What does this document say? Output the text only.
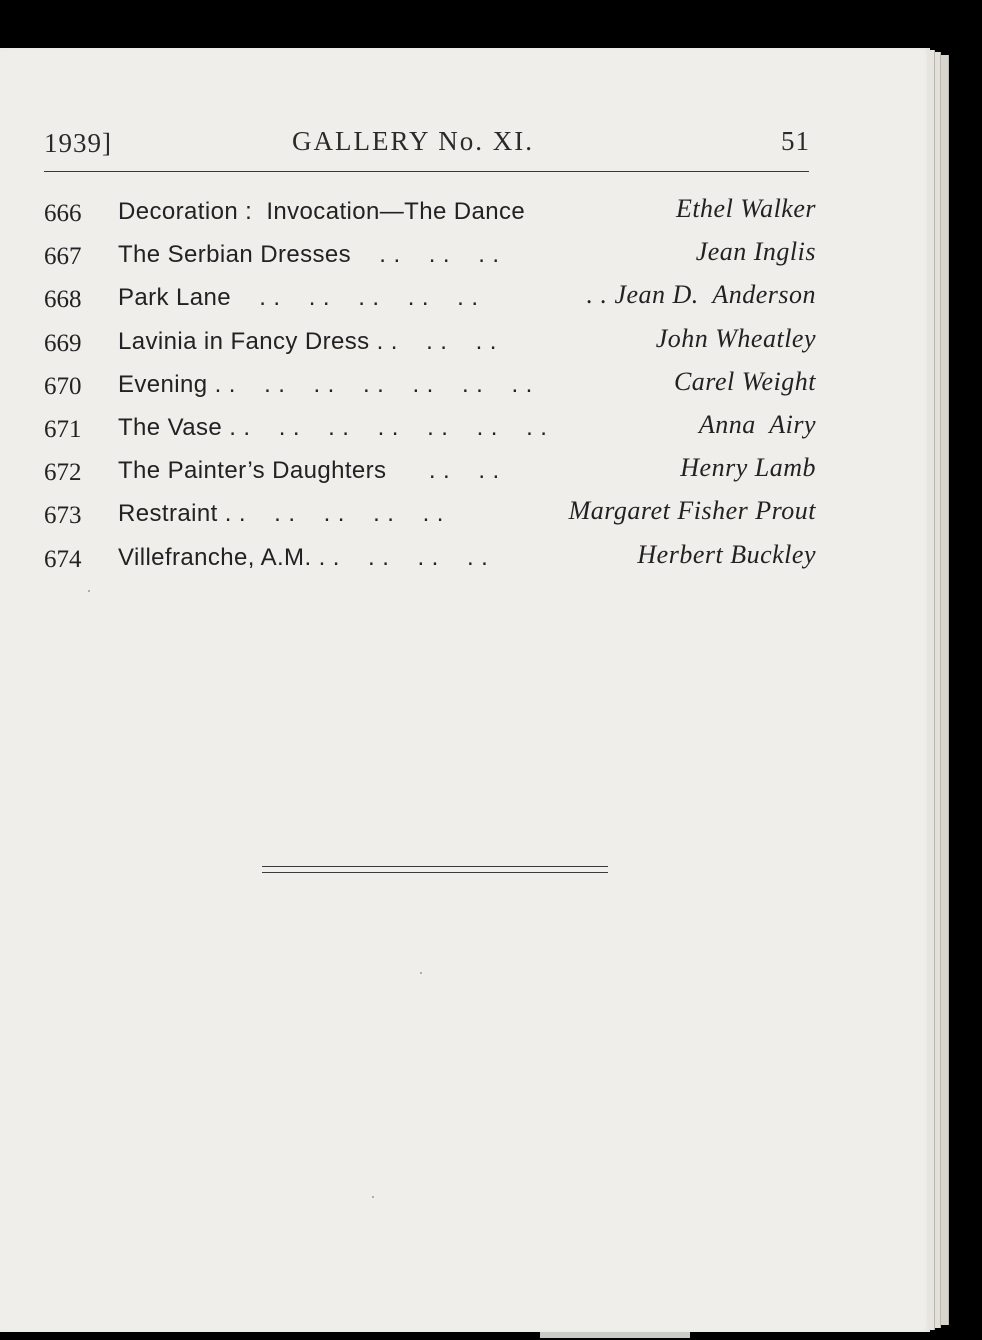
1939]	GALLERY No. XI.	51
666 Decoration :  Invocation—The Dance	Ethel Walker
667 The Serbian Dresses    . .    . .    . .	Jean Inglis
668 Park Lane    . .    . .    . .    . .    . .	. . Jean D.  Anderson
669 Lavinia in Fancy Dress . .    . .    . .	John Wheatley
670 Evening . .    . .    . .    . .    . .    . .    . .	Carel Weight
671 The Vase . .    . .    . .    . .    . .    . .    . .	Anna  Airy
672 The Painter’s Daughters      . .    . .	Henry Lamb
673 Restraint . .    . .    . .    . .    . .	Margaret Fisher Prout
674 Villefranche, A.M. . .    . .    . .    . .	Herbert Buckley
